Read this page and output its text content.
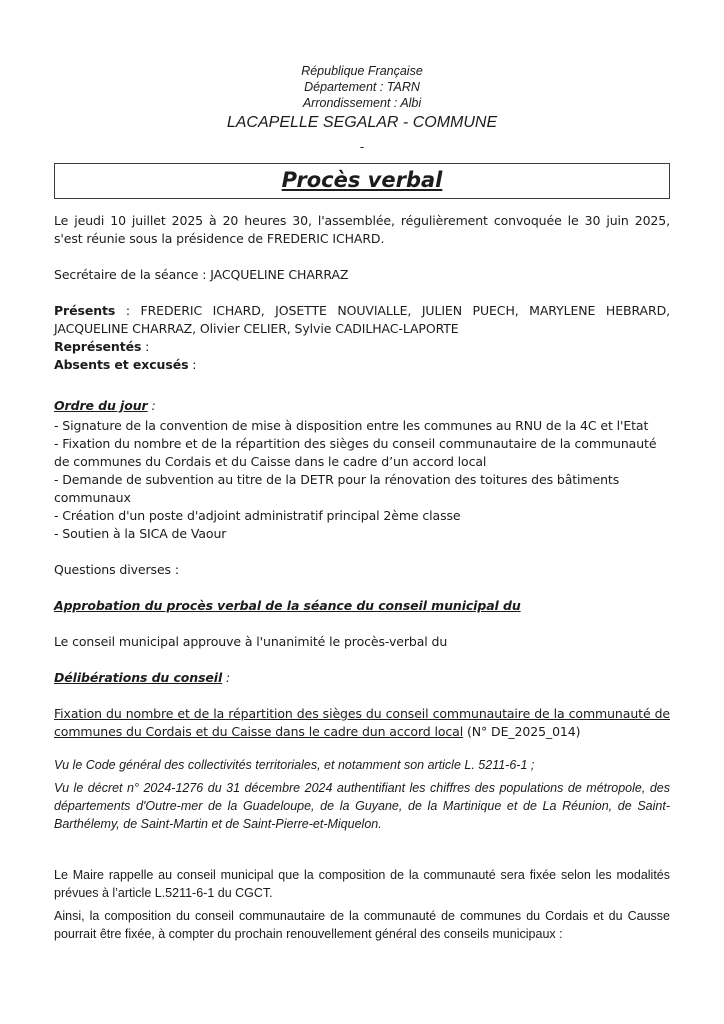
République Française
Département : TARN
Arrondissement : Albi
LACAPELLE SEGALAR - COMMUNE
-
Procès verbal

Le jeudi 10 juillet 2025 à 20 heures 30, l'assemblée, régulièrement convoquée le 30 juin 2025, s'est réunie sous la présidence de FREDERIC ICHARD.

Secrétaire de la séance : JACQUELINE CHARRAZ

Présents : FREDERIC ICHARD, JOSETTE NOUVIALLE, JULIEN PUECH, MARYLENE HEBRARD, JACQUELINE CHARRAZ, Olivier CELIER, Sylvie CADILHAC-LAPORTE

Représentés :

Absents et excusés :

Ordre du jour :

- Signature de la convention de mise à disposition entre les communes au RNU de la 4C et l'Etat

- Fixation du nombre et de la répartition des sièges du conseil communautaire de la communauté de communes du Cordais et du Caisse dans le cadre d’un accord local

- Demande de subvention au titre de la DETR pour la rénovation des toitures des bâtiments communaux

- Création d'un poste d'adjoint administratif principal 2ème classe

- Soutien à la SICA de Vaour

Questions diverses :

Approbation du procès verbal de la séance du conseil municipal du

Le conseil municipal approuve à l'unanimité le procès-verbal du

Délibérations du conseil :

Fixation du nombre et de la répartition des sièges du conseil communautaire de la communauté de communes du Cordais et du Caisse dans le cadre dun accord local (N° DE_2025_014)

Vu le Code général des collectivités territoriales, et notamment son article L. 5211-6-1 ;

Vu le décret n° 2024-1276 du 31 décembre 2024 authentifiant les chiffres des populations de métropole, des départements d'Outre-mer de la Guadeloupe, de la Guyane, de la Martinique et de La Réunion, de Saint-Barthélemy, de Saint-Martin et de Saint-Pierre-et-Miquelon.

Le Maire rappelle au conseil municipal que la composition de la communauté sera fixée selon les modalités prévues à l’article L.5211-6-1 du CGCT.

Ainsi, la composition du conseil communautaire de la communauté de communes du Cordais et du Causse pourrait être fixée, à compter du prochain renouvellement général des conseils municipaux :
